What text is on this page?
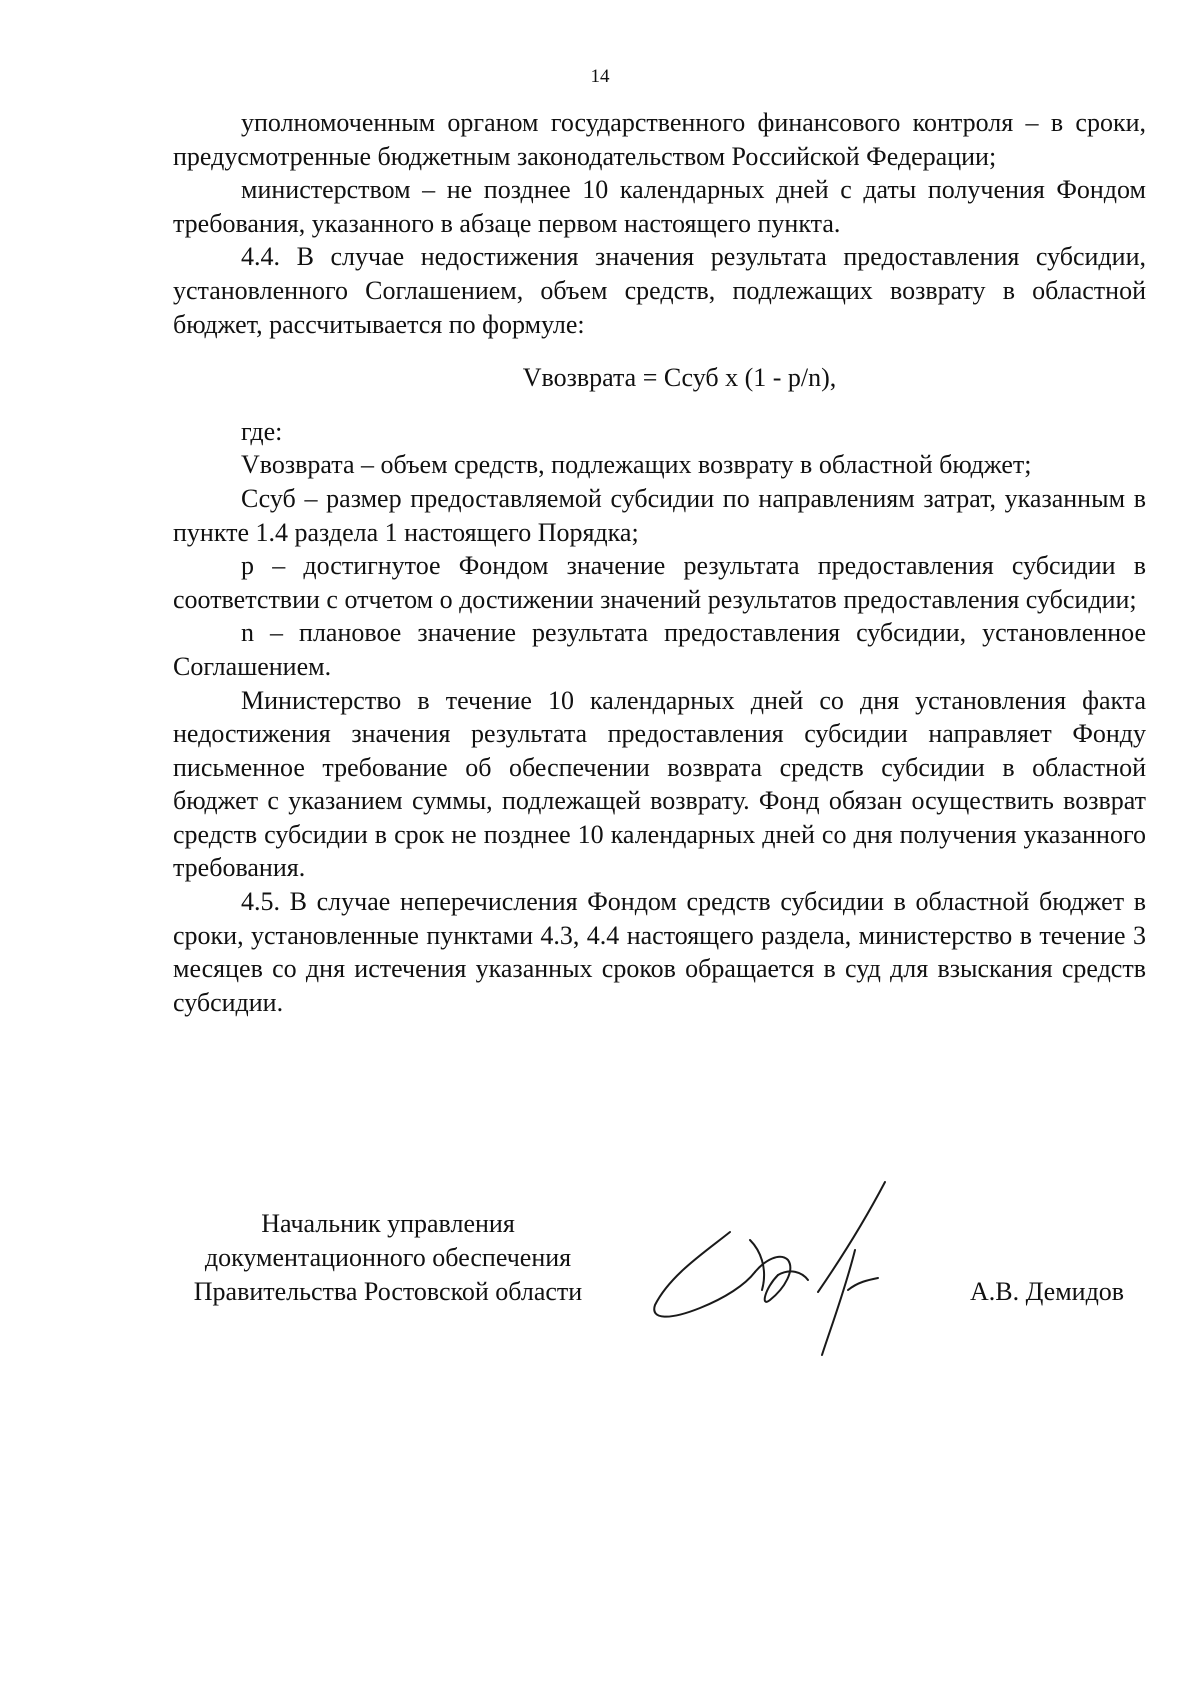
14

уполномоченным органом государственного финансового контроля – в сроки, предусмотренные бюджетным законодательством Российской Федерации;

министерством – не позднее 10 календарных дней с даты получения Фондом требования, указанного в абзаце первом настоящего пункта.

4.4. В случае недостижения значения результата предоставления субсидии, установленного Соглашением, объем средств, подлежащих возврату в областной бюджет, рассчитывается по формуле:

Vвозврата = Ссуб х (1 - p/n),

где:

Vвозврата – объем средств, подлежащих возврату в областной бюджет;

Ссуб – размер предоставляемой субсидии по направлениям затрат, указанным в пункте 1.4 раздела 1 настоящего Порядка;

р – достигнутое Фондом значение результата предоставления субсидии в соответствии с отчетом о достижении значений результатов предоставления субсидии;

n – плановое значение результата предоставления субсидии, установленное Соглашением.

Министерство в течение 10 календарных дней со дня установления факта недостижения значения результата предоставления субсидии направляет Фонду письменное требование об обеспечении возврата средств субсидии в областной бюджет с указанием суммы, подлежащей возврату. Фонд обязан осуществить возврат средств субсидии в срок не позднее 10 календарных дней со дня получения указанного требования.

4.5. В случае неперечисления Фондом средств субсидии в областной бюджет в сроки, установленные пунктами 4.3, 4.4 настоящего раздела, министерство в течение 3 месяцев со дня истечения указанных сроков обращается в суд для взыскания средств субсидии.

Начальник управления
документационного обеспечения
Правительства Ростовской области	А.В. Демидов
